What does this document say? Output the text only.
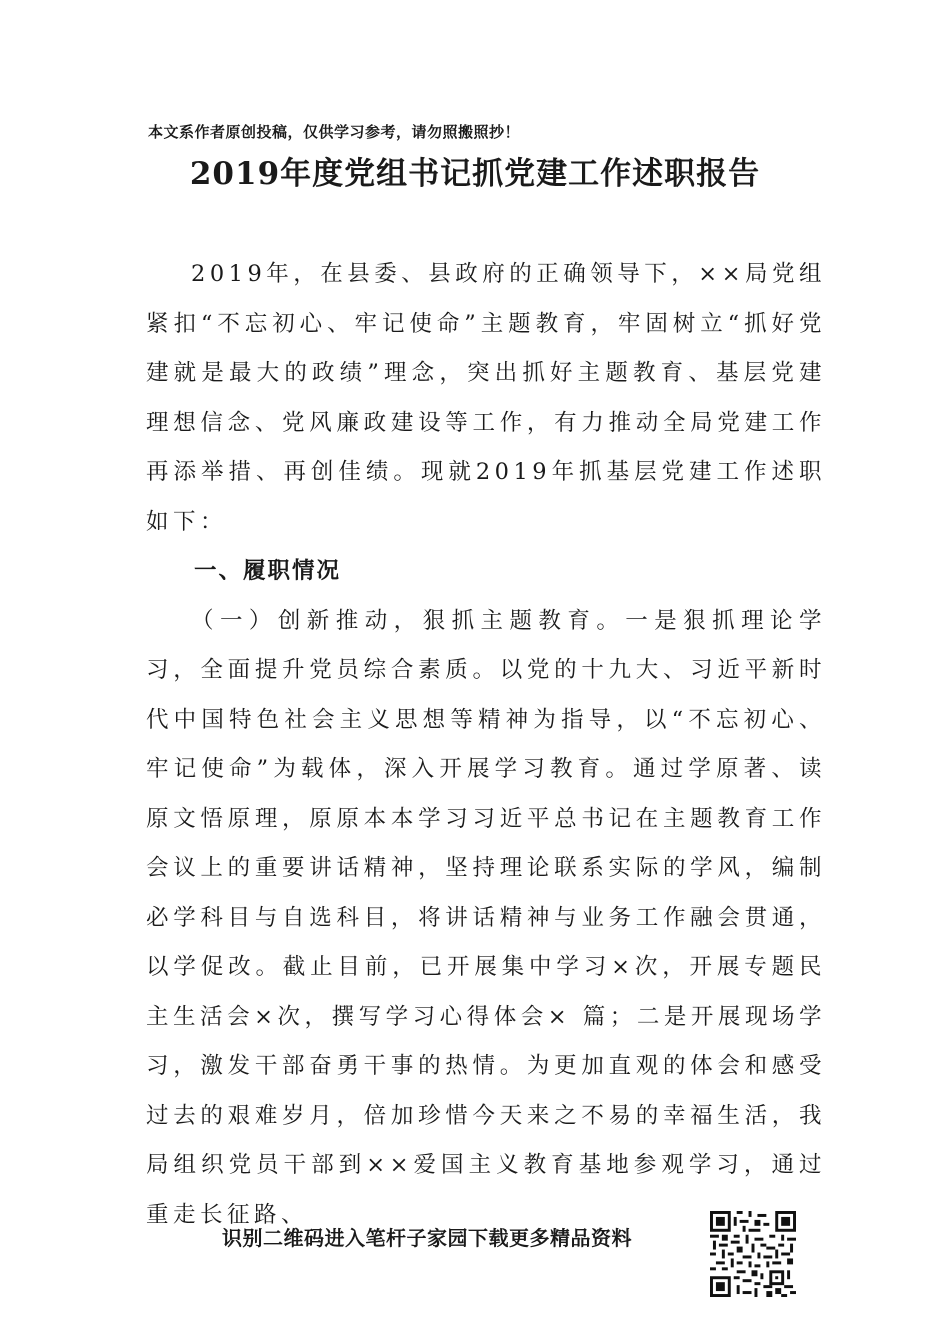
本文系作者原创投稿，仅供学习参考，请勿照搬照抄！
2019年度党组书记抓党建工作述职报告

2019年，在县委、县政府的正确领导下，××局党组紧扣“不忘初心、牢记使命”主题教育，牢固树立“抓好党建就是最大的政绩”理念，突出抓好主题教育、基层党建理想信念、党风廉政建设等工作，有力推动全局党建工作再添举措、再创佳绩。现就2019年抓基层党建工作述职如下：

一、履职情况

（一）创新推动，狠抓主题教育。一是狠抓理论学习，全面提升党员综合素质。以党的十九大、习近平新时代中国特色社会主义思想等精神为指导，以“不忘初心、牢记使命”为载体，深入开展学习教育。通过学原著、读原文悟原理，原原本本学习习近平总书记在主题教育工作会议上的重要讲话精神，坚持理论联系实际的学风，编制必学科目与自选科目，将讲话精神与业务工作融会贯通，以学促改。截止目前，已开展集中学习×次，开展专题民主生活会×次，撰写学习心得体会× 篇；二是开展现场学习，激发干部奋勇干事的热情。为更加直观的体会和感受过去的艰难岁月，倍加珍惜今天来之不易的幸福生活，我局组织党员干部到××爱国主义教育基地参观学习，通过重走长征路、

识别二维码进入笔杆子家园下载更多精品资料
